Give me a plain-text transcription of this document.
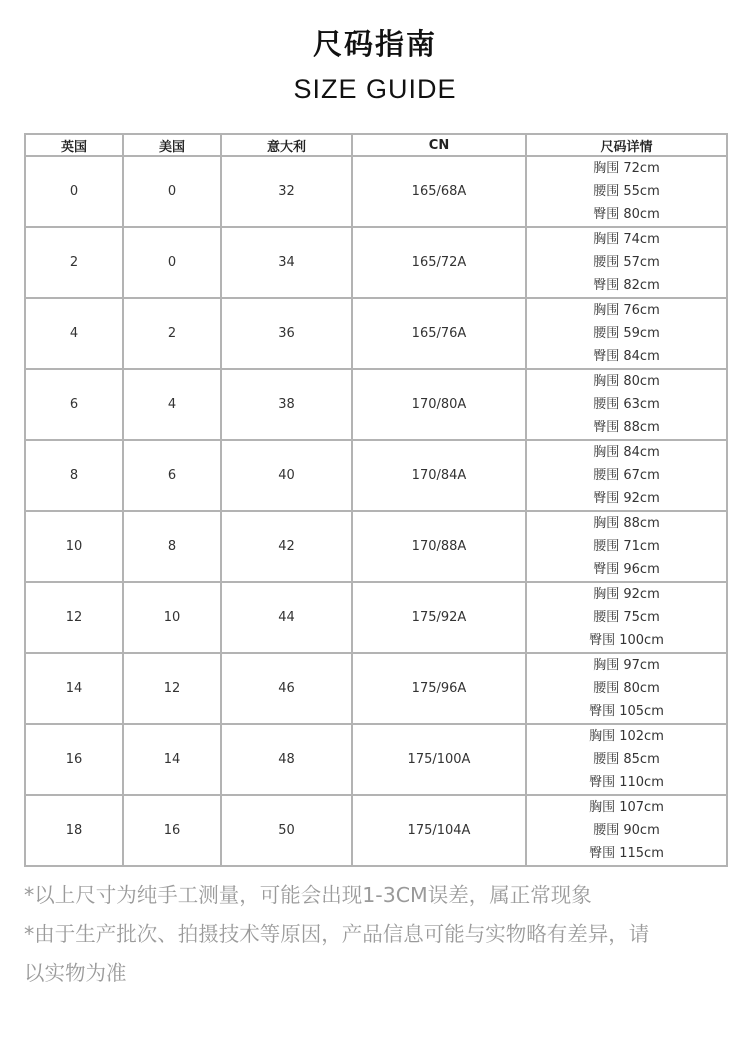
尺码指南
SIZE GUIDE
英国	美国	意大利	CN	尺码详情
0	0	32	165/68A	胸围 72cm
腰围 55cm
臀围 80cm

2	0	34	165/72A	胸围 74cm
腰围 57cm
臀围 82cm

4	2	36	165/76A	胸围 76cm
腰围 59cm
臀围 84cm

6	4	38	170/80A	胸围 80cm
腰围 63cm
臀围 88cm

8	6	40	170/84A	胸围 84cm
腰围 67cm
臀围 92cm

10	8	42	170/88A	胸围 88cm
腰围 71cm
臀围 96cm

12	10	44	175/92A	胸围 92cm
腰围 75cm
臀围 100cm

14	12	46	175/96A	胸围 97cm
腰围 80cm
臀围 105cm

16	14	48	175/100A	胸围 102cm
腰围 85cm
臀围 110cm

18	16	50	175/104A	胸围 107cm
腰围 90cm
臀围 115cm
*以上尺寸为纯手工测量，可能会出现1-3CM误差，属正常现象
*由于生产批次、拍摄技术等原因，产品信息可能与实物略有差异，请
以实物为准
